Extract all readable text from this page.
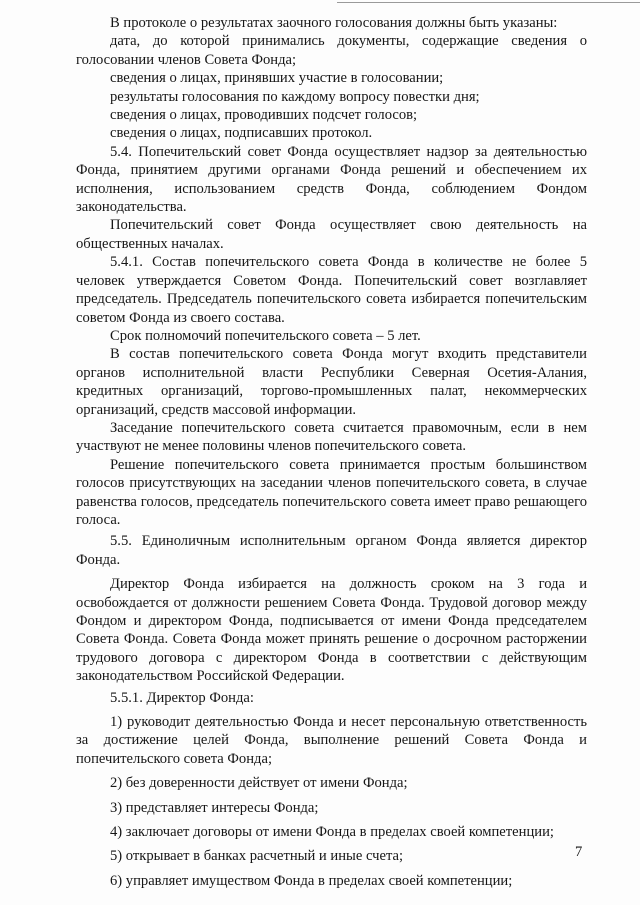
В протоколе о результатах заочного голосования должны быть указаны:

дата, до которой принимались документы, содержащие сведения о голосовании членов Совета Фонда;

сведения о лицах, принявших участие в голосовании;

результаты голосования по каждому вопросу повестки дня;

сведения о лицах, проводивших подсчет голосов;

сведения о лицах, подписавших протокол.

5.4. Попечительский совет Фонда осуществляет надзор за деятельностью Фонда, принятием другими органами Фонда решений и обеспечением их исполнения, использованием средств Фонда, соблюдением Фондом законодательства.

Попечительский совет Фонда осуществляет свою деятельность на общественных началах.

5.4.1. Состав попечительского совета Фонда в количестве не более 5 человек утверждается Советом Фонда. Попечительский совет возглавляет председатель. Председатель попечительского совета избирается попечительским советом Фонда из своего состава.

Срок полномочий попечительского совета – 5 лет.

В состав попечительского совета Фонда могут входить представители органов исполнительной власти Республики Северная Осетия-Алания, кредитных организаций, торгово-промышленных палат, некоммерческих организаций, средств массовой информации.

Заседание попечительского совета считается правомочным, если в нем участвуют не менее половины членов попечительского совета.

Решение попечительского совета принимается простым большинством голосов присутствующих на заседании членов попечительского совета, в случае равенства голосов, председатель попечительского совета имеет право решающего голоса.

5.5. Единоличным исполнительным органом Фонда является директор Фонда.

Директор Фонда избирается на должность сроком на 3 года и освобождается от должности решением Совета Фонда. Трудовой договор между Фондом и директором Фонда, подписывается от имени Фонда председателем Совета Фонда. Совета Фонда может принять решение о досрочном расторжении трудового договора с директором Фонда в соответствии с действующим законодательством Российской Федерации.

5.5.1. Директор Фонда:

1) руководит деятельностью Фонда и несет персональную ответственность за достижение целей Фонда, выполнение решений Совета Фонда и попечительского совета Фонда;

2) без доверенности действует от имени Фонда;

3) представляет интересы Фонда;

4) заключает договоры от имени Фонда в пределах своей компетенции;

5) открывает в банках расчетный и иные счета;

6) управляет имуществом Фонда в пределах своей компетенции;

7
